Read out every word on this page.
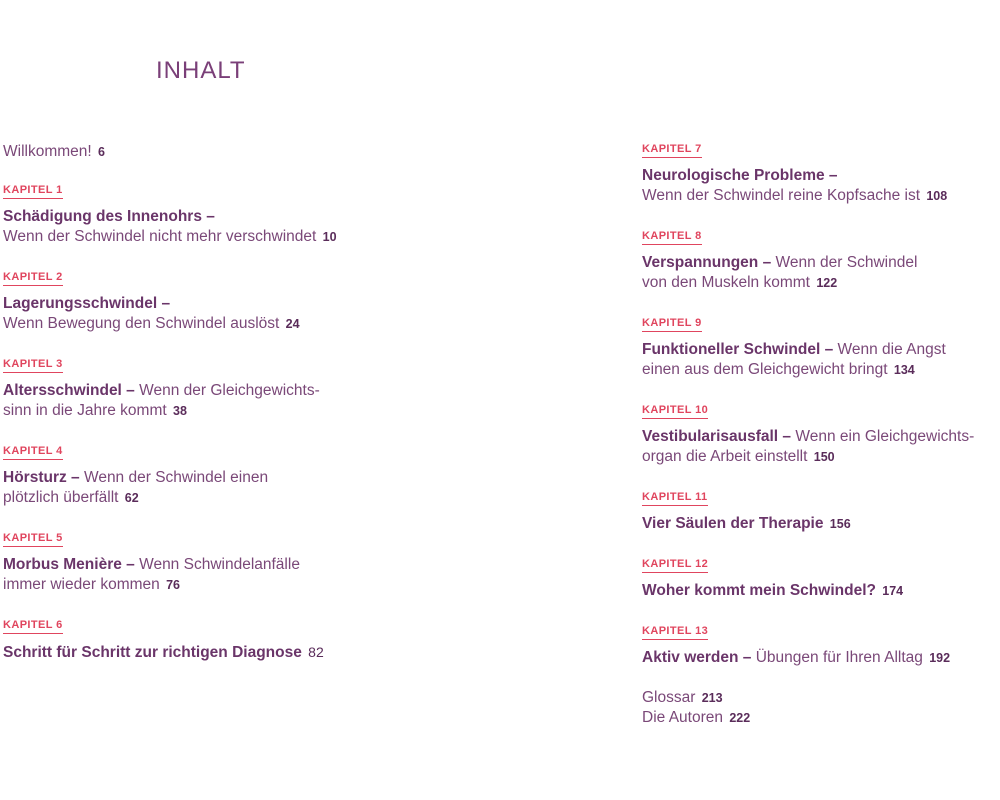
INHALT
Willkommen! 6
KAPITEL 1
Schädigung des Innenohrs –
Wenn der Schwindel nicht mehr verschwindet 10
KAPITEL 2
Lagerungsschwindel –
Wenn Bewegung den Schwindel auslöst 24
KAPITEL 3
Altersschwindel – Wenn der Gleichgewichts-
sinn in die Jahre kommt 38
KAPITEL 4
Hörsturz – Wenn der Schwindel einen
plötzlich überfällt 62
KAPITEL 5
Morbus Menière – Wenn Schwindelanfälle
immer wieder kommen 76
KAPITEL 6
Schritt für Schritt zur richtigen Diagnose 82
KAPITEL 7
Neurologische Probleme –
Wenn der Schwindel reine Kopfsache ist 108
KAPITEL 8
Verspannungen – Wenn der Schwindel
von den Muskeln kommt 122
KAPITEL 9
Funktioneller Schwindel – Wenn die Angst
einen aus dem Gleichgewicht bringt 134
KAPITEL 10
Vestibularisausfall – Wenn ein Gleichgewichts-
organ die Arbeit einstellt 150
KAPITEL 11
Vier Säulen der Therapie 156
KAPITEL 12
Woher kommt mein Schwindel? 174
KAPITEL 13
Aktiv werden – Übungen für Ihren Alltag 192
Glossar 213
Die Autoren 222
